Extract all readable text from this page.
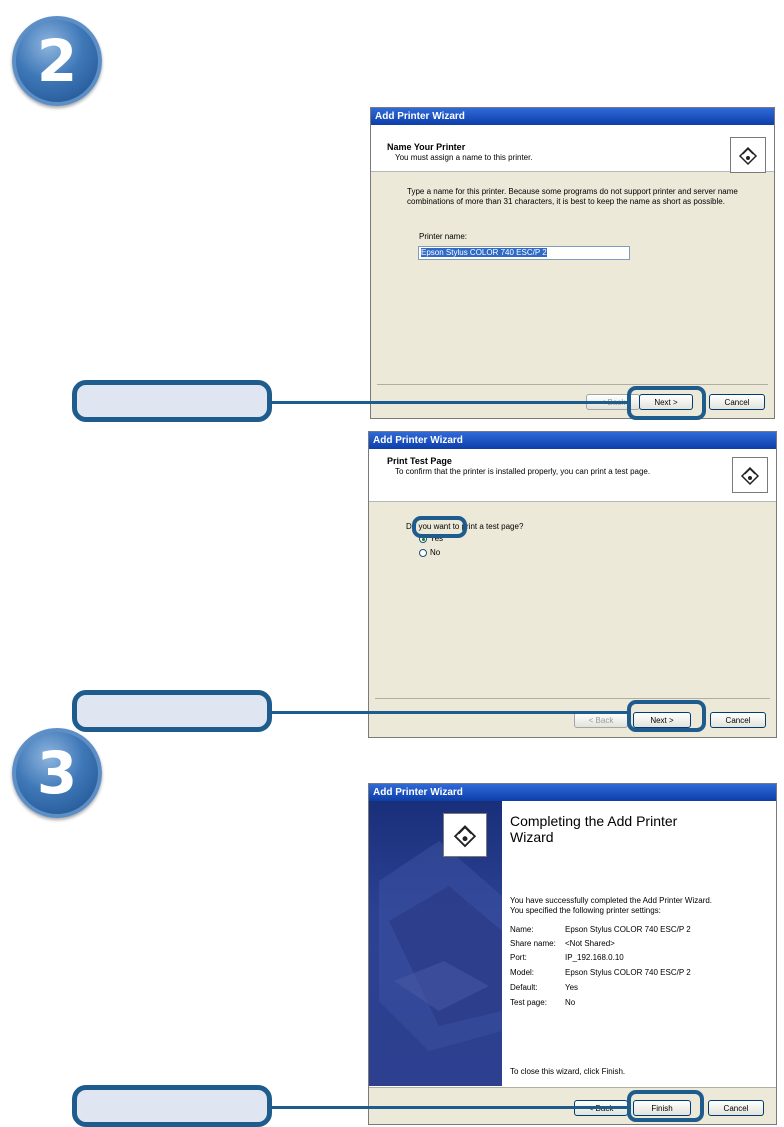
2
Add Printer Wizard
Name Your Printer
You must assign a name to this printer.
Type a name for this printer. Because some programs do not support printer and server name combinations of more than 31 characters, it is best to keep the name as short as possible.
Printer name:
Epson Stylus COLOR 740 ESC/P 2
Next >	Cancel
Add Printer Wizard
Print Test Page
To confirm that the printer is installed properly, you can print a test page.
Do you want to print a test page?
Yes
No
< Back	Next >	Cancel
3	Add Printer Wizard
Completing the Add Printer
Wizard
You have successfully completed the Add Printer Wizard.
You specified the following printer settings:
Name:	Epson Stylus COLOR 740 ESC/P 2
Share name: <Not Shared>
Port:	IP_192.168.0.10
Model:	Epson Stylus COLOR 740 ESC/P 2
Default:	Yes
Test page: No
To close this wizard, click Finish.
Finish	Cancel
